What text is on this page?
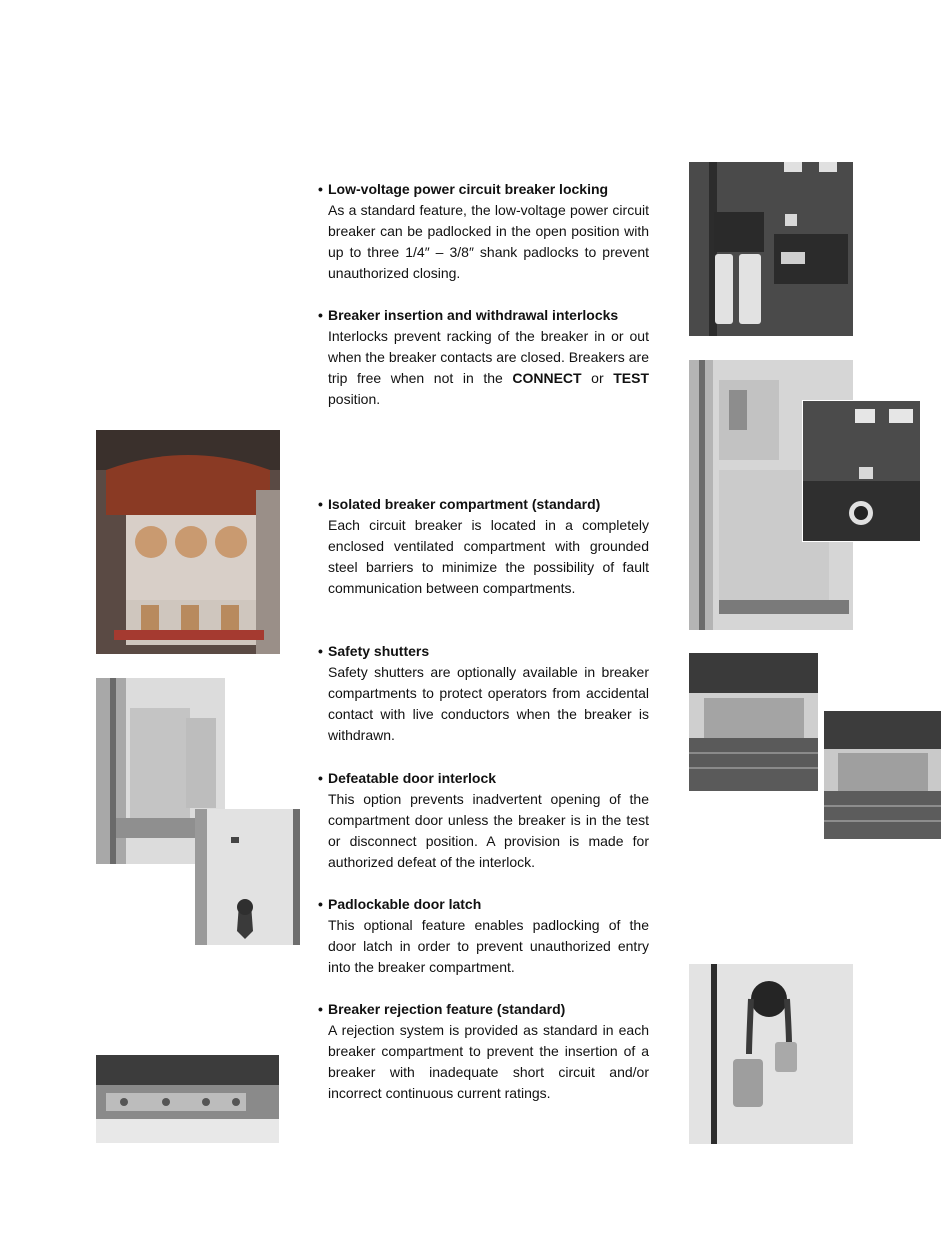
• Low-voltage power circuit breaker locking
As a standard feature, the low-voltage power circuit breaker can be padlocked in the open position with up to three 1/4″ – 3/8″ shank padlocks to prevent unauthorized closing.
• Breaker insertion and withdrawal interlocks
Interlocks prevent racking of the breaker in or out when the breaker contacts are closed. Breakers are trip free when not in the CONNECT or TEST position.
• Isolated breaker compartment (standard)
Each circuit breaker is located in a completely enclosed ventilated compartment with grounded steel barriers to minimize the possibility of fault communication between compartments.
• Safety shutters
Safety shutters are optionally available in breaker compartments to protect operators from accidental contact with live conductors when the breaker is withdrawn.
• Defeatable door interlock
This option prevents inadvertent opening of the compartment door unless the breaker is in the test or disconnect position. A provision is made for authorized defeat of the interlock.
• Padlockable door latch
This optional feature enables padlocking of the door latch in order to prevent unauthorized entry into the breaker compartment.
• Breaker rejection feature (standard)
A rejection system is provided as standard in each breaker compartment to prevent the insertion of a breaker with inadequate short circuit and/or incorrect continuous current ratings.
